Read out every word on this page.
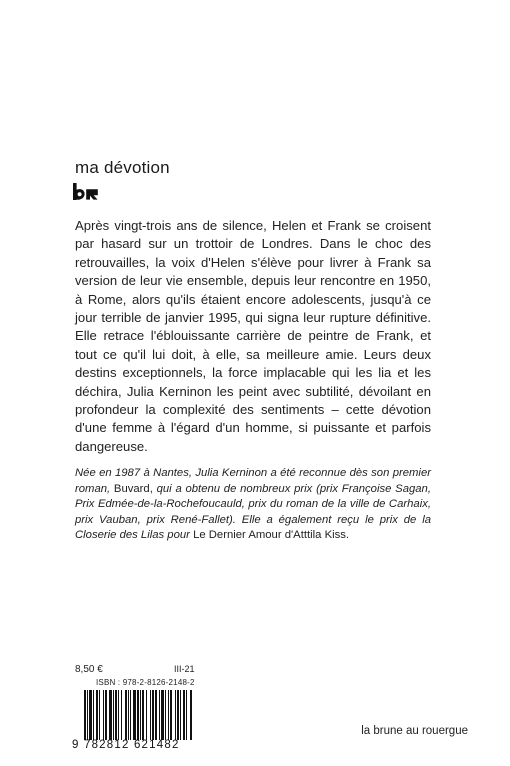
ma dévotion

Après vingt-trois ans de silence, Helen et Frank se croisent par hasard sur un trottoir de Londres. Dans le choc des retrouvailles, la voix d'Helen s'élève pour livrer à Frank sa version de leur vie ensemble, depuis leur rencontre en 1950, à Rome, alors qu'ils étaient encore adolescents, jusqu'à ce jour terrible de janvier 1995, qui signa leur rupture définitive. Elle retrace l'éblouissante carrière de peintre de Frank, et tout ce qu'il lui doit, à elle, sa meilleure amie. Leurs deux destins exceptionnels, la force implacable qui les lia et les déchira, Julia Kerninon les peint avec subtilité, dévoilant en profondeur la complexité des sentiments – cette dévotion d'une femme à l'égard d'un homme, si puissante et parfois dangereuse.

Née en 1987 à Nantes, Julia Kerninon a été reconnue dès son premier roman, Buvard, qui a obtenu de nombreux prix (prix Françoise Sagan, Prix Edmée-de-la-Rochefoucauld, prix du roman de la ville de Carhaix, prix Vauban, prix René-Fallet). Elle a également reçu le prix de la Closerie des Lilas pour Le Dernier Amour d'Atttila Kiss.
8,50 €	III-21
ISBN : 978-2-8126-2148-2
9 782812 621482
la brune au rouergue
